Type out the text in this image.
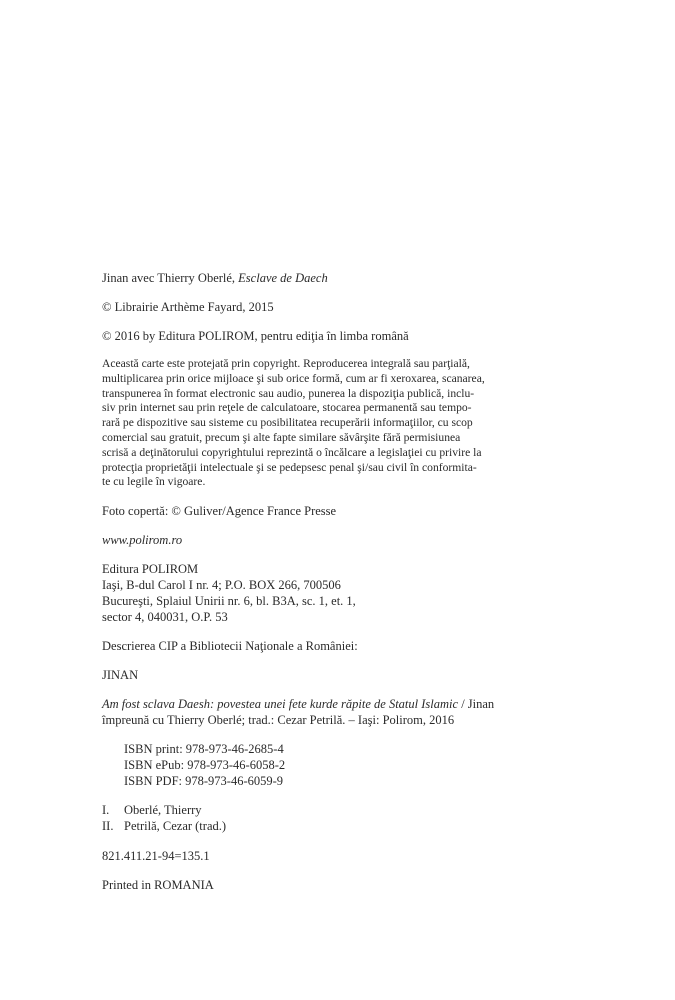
Jinan avec Thierry Oberlé, Esclave de Daech
© Librairie Arthème Fayard, 2015
© 2016 by Editura POLIROM, pentru ediţia în limba română
Această carte este protejată prin copyright. Reproducerea integrală sau parţială,
multiplicarea prin orice mijloace şi sub orice formă, cum ar fi xeroxarea, scanarea,
transpunerea în format electronic sau audio, punerea la dispoziţia publică, inclu-
siv prin internet sau prin reţele de calculatoare, stocarea permanentă sau tempo-
rară pe dispozitive sau sisteme cu posibilitatea recuperării informaţiilor, cu scop
comercial sau gratuit, precum şi alte fapte similare săvârşite fără permisiunea
scrisă a deţinătorului copyrightului reprezintă o încălcare a legislaţiei cu privire la
protecţia proprietăţii intelectuale şi se pedepsesc penal şi/sau civil în conformita-
te cu legile în vigoare.
Foto copertă: © Guliver/Agence France Presse
www.polirom.ro
Editura POLIROM
Iaşi, B-dul Carol I nr. 4; P.O. BOX 266, 700506
Bucureşti, Splaiul Unirii nr. 6, bl. B3A, sc. 1, et. 1,
sector 4, 040031, O.P. 53
Descrierea CIP a Bibliotecii Naţionale a României:
JINAN
Am fost sclava Daesh: povestea unei fete kurde răpite de Statul Islamic / Jinan
împreună cu Thierry Oberlé; trad.: Cezar Petrilă. – Iaşi: Polirom, 2016
ISBN print: 978-973-46-2685-4
ISBN ePub: 978-973-46-6058-2
ISBN PDF: 978-973-46-6059-9
I. Oberlé, Thierry
II. Petrilă, Cezar (trad.)
821.411.21-94=135.1
Printed in ROMANIA
